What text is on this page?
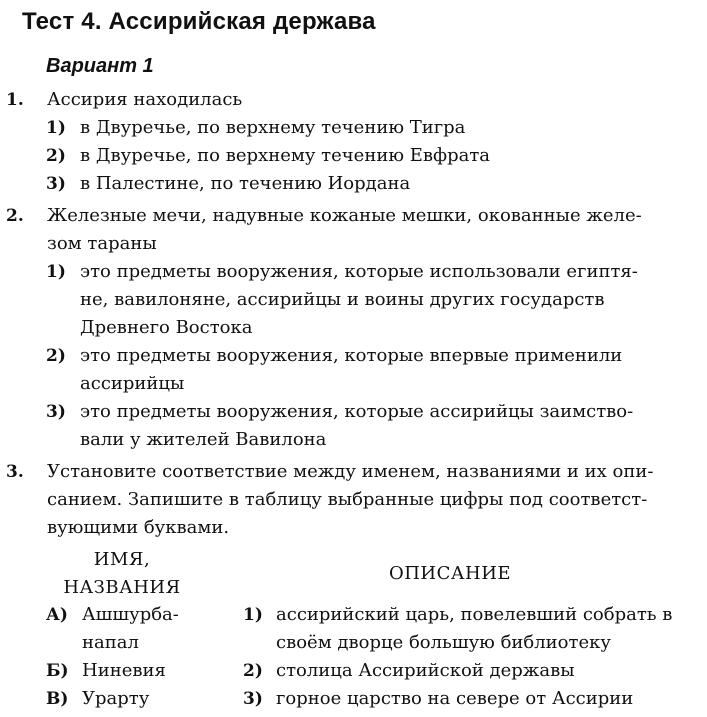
Тест 4. Ассирийская держава
Вариант 1
1. Ассирия находилась
1) в Двуречье, по верхнему течению Тигра
2) в Двуречье, по верхнему течению Евфрата
3) в Палестине, по течению Иордана
2. Железные мечи, надувные кожаные мешки, окованные желе-
зом тараны
1) это предметы вооружения, которые использовали египтя-
не, вавилоняне, ассирийцы и воины других государств
Древнего Востока
2) это предметы вооружения, которые впервые применили
ассирийцы
3) это предметы вооружения, которые ассирийцы заимство-
вали у жителей Вавилона
3. Установите соответствие между именем, названиями и их опи-
санием. Запишите в таблицу выбранные цифры под соответст-
вующими буквами.
ИМЯ,
НАЗВАНИЯ
ОПИСАНИЕ
А) Ашшурба-
напал
Б) Ниневия
В) Урарту
1) ассирийский царь, повелевший собрать в
своём дворце большую библиотеку
2) столица Ассирийской державы
3) горное царство на севере от Ассирии
